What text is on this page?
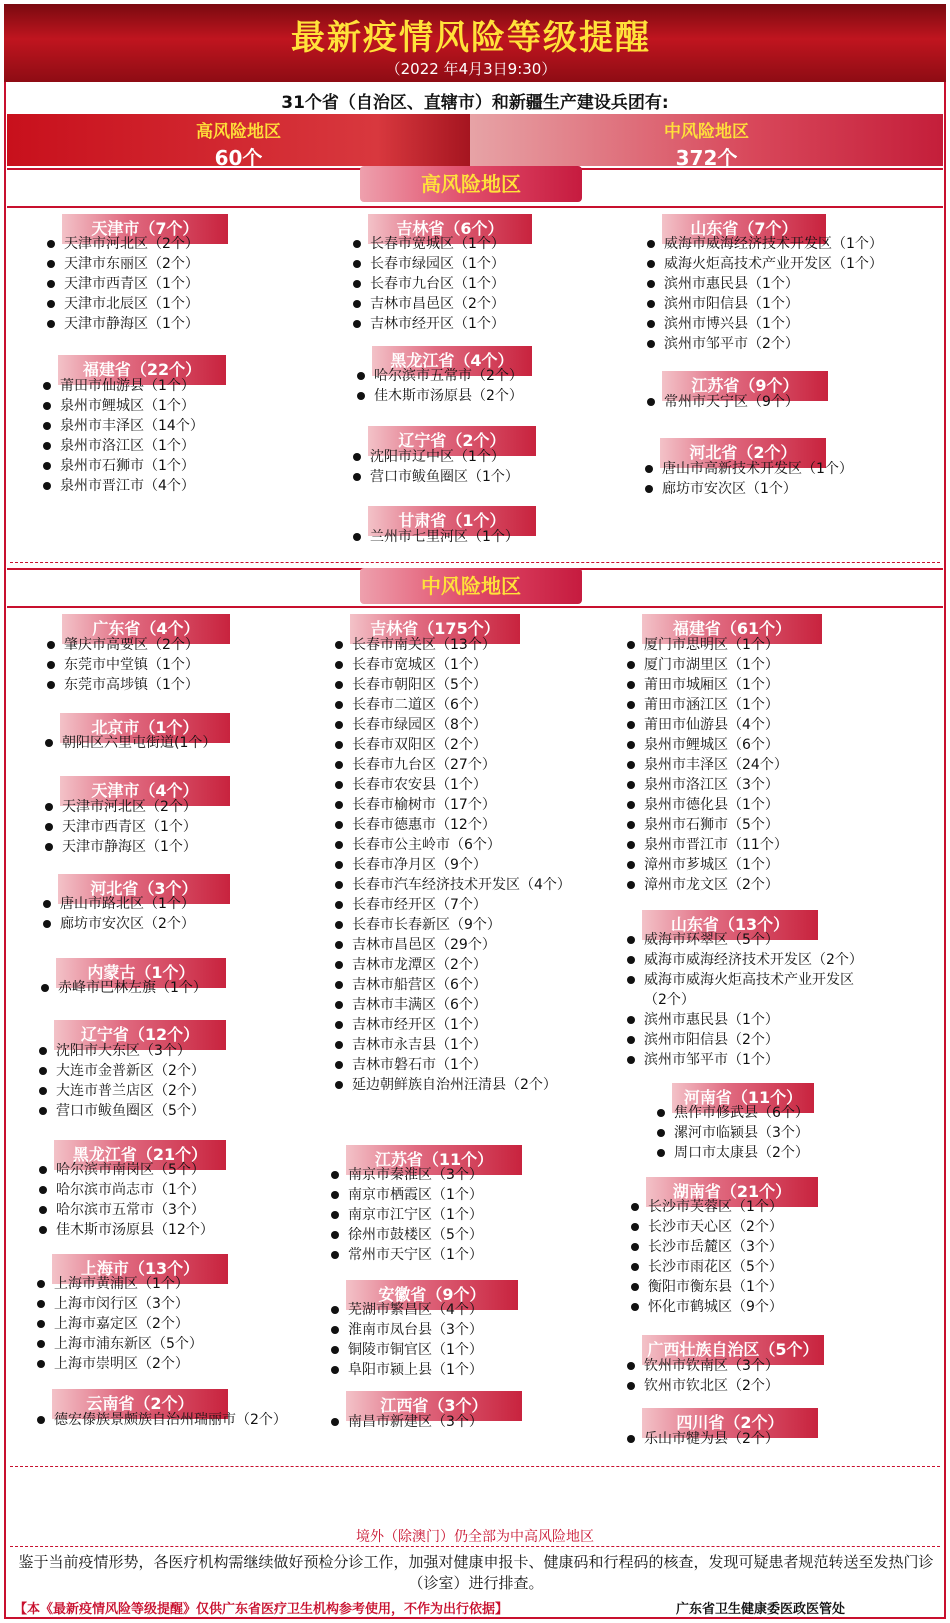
最新疫情风险等级提醒
（2022 年4月3日9:30）
31个省（自治区、直辖市）和新疆生产建设兵团有:
高风险地区
60个
中风险地区
372个
高风险地区
中风险地区
天津市（7个）
天津市河北区（2个）
天津市东丽区（2个）
天津市西青区（1个）
天津市北辰区（1个）
天津市静海区（1个）
福建省（22个）
莆田市仙游县（1个）
泉州市鲤城区（1个）
泉州市丰泽区（14个）
泉州市洛江区（1个）
泉州市石狮市（1个）
泉州市晋江市（4个）
吉林省（6个）
长春市宽城区（1个）
长春市绿园区（1个）
长春市九台区（1个）
吉林市昌邑区（2个）
吉林市经开区（1个）
黑龙江省（4个）
哈尔滨市五常市（2个）
佳木斯市汤原县（2个）
辽宁省（2个）
沈阳市辽中区（1个）
营口市鲅鱼圈区（1个）
甘肃省（1个）
兰州市七里河区（1个）
山东省（7个）
威海市威海经济技术开发区（1个）
威海火炬高技术产业开发区（1个）
滨州市惠民县（1个）
滨州市阳信县（1个）
滨州市博兴县（1个）
滨州市邹平市（2个）
江苏省（9个）
常州市天宁区（9个）
河北省（2个）
唐山市高新技术开发区（1个）
廊坊市安次区（1个）
广东省（4个）
肇庆市高要区（2个）
东莞市中堂镇（1个）
东莞市高埗镇（1个）
北京市（1个）
朝阳区六里屯街道(1个）
天津市（4个）
天津市河北区（2个）
天津市西青区（1个）
天津市静海区（1个）
河北省（3个）
唐山市路北区（1个）
廊坊市安次区（2个）
内蒙古（1个）
赤峰市巴林左旗（1个）
辽宁省（12个）
沈阳市大东区（3个）
大连市金普新区（2个）
大连市普兰店区（2个）
营口市鲅鱼圈区（5个）
黑龙江省（21个）
哈尔滨市南岗区（5个）
哈尔滨市尚志市（1个）
哈尔滨市五常市（3个）
佳木斯市汤原县（12个）
上海市（13个）
上海市黄浦区（1个）
上海市闵行区（3个）
上海市嘉定区（2个）
上海市浦东新区（5个）
上海市崇明区（2个）
云南省（2个）
德宏傣族景颇族自治州瑞丽市（2个）
吉林省（175个）
长春市南关区（13个）
长春市宽城区（1个）
长春市朝阳区（5个）
长春市二道区（6个）
长春市绿园区（8个）
长春市双阳区（2个）
长春市九台区（27个）
长春市农安县（1个）
长春市榆树市（17个）
长春市德惠市（12个）
长春市公主岭市（6个）
长春市净月区（9个）
长春市汽车经济技术开发区（4个）
长春市经开区（7个）
长春市长春新区（9个）
吉林市昌邑区（29个）
吉林市龙潭区（2个）
吉林市船营区（6个）
吉林市丰满区（6个）
吉林市经开区（1个）
吉林市永吉县（1个）
吉林市磐石市（1个）
延边朝鲜族自治州汪清县（2个）
江苏省（11个）
南京市秦淮区（3个）
南京市栖霞区（1个）
南京市江宁区（1个）
徐州市鼓楼区（5个）
常州市天宁区（1个）
安徽省（9个）
芜湖市繁昌区（4个）
淮南市凤台县（3个）
铜陵市铜官区（1个）
阜阳市颍上县（1个）
江西省（3个）
南昌市新建区（3个）
福建省（61个）
厦门市思明区（1个）
厦门市湖里区（1个）
莆田市城厢区（1个）
莆田市涵江区（1个）
莆田市仙游县（4个）
泉州市鲤城区（6个）
泉州市丰泽区（24个）
泉州市洛江区（3个）
泉州市德化县（1个）
泉州市石狮市（5个）
泉州市晋江市（11个）
漳州市芗城区（1个）
漳州市龙文区（2个）
山东省（13个）
威海市环翠区（5个）
威海市威海经济技术开发区（2个）
威海市威海火炬高技术产业开发区
（2个）
滨州市惠民县（1个）
滨州市阳信县（2个）
滨州市邹平市（1个）
河南省（11个）
焦作市修武县（6个）
漯河市临颍县（3个）
周口市太康县（2个）
湖南省（21个）
长沙市芙蓉区（1个）
长沙市天心区（2个）
长沙市岳麓区（3个）
长沙市雨花区（5个）
衡阳市衡东县（1个）
怀化市鹤城区（9个）
广西壮族自治区（5个）
钦州市钦南区（3个）
钦州市钦北区（2个）
四川省（2个）
乐山市犍为县（2个）
境外（除澳门）仍全部为中高风险地区
鉴于当前疫情形势，各医疗机构需继续做好预检分诊工作，加强对健康申报卡、健康码和行程码的核查，发现可疑患者规范转送至发热门诊（诊室）进行排查。
【本《最新疫情风险等级提醒》仅供广东省医疗卫生机构参考使用，不作为出行依据】	广东省卫生健康委医政医管处
